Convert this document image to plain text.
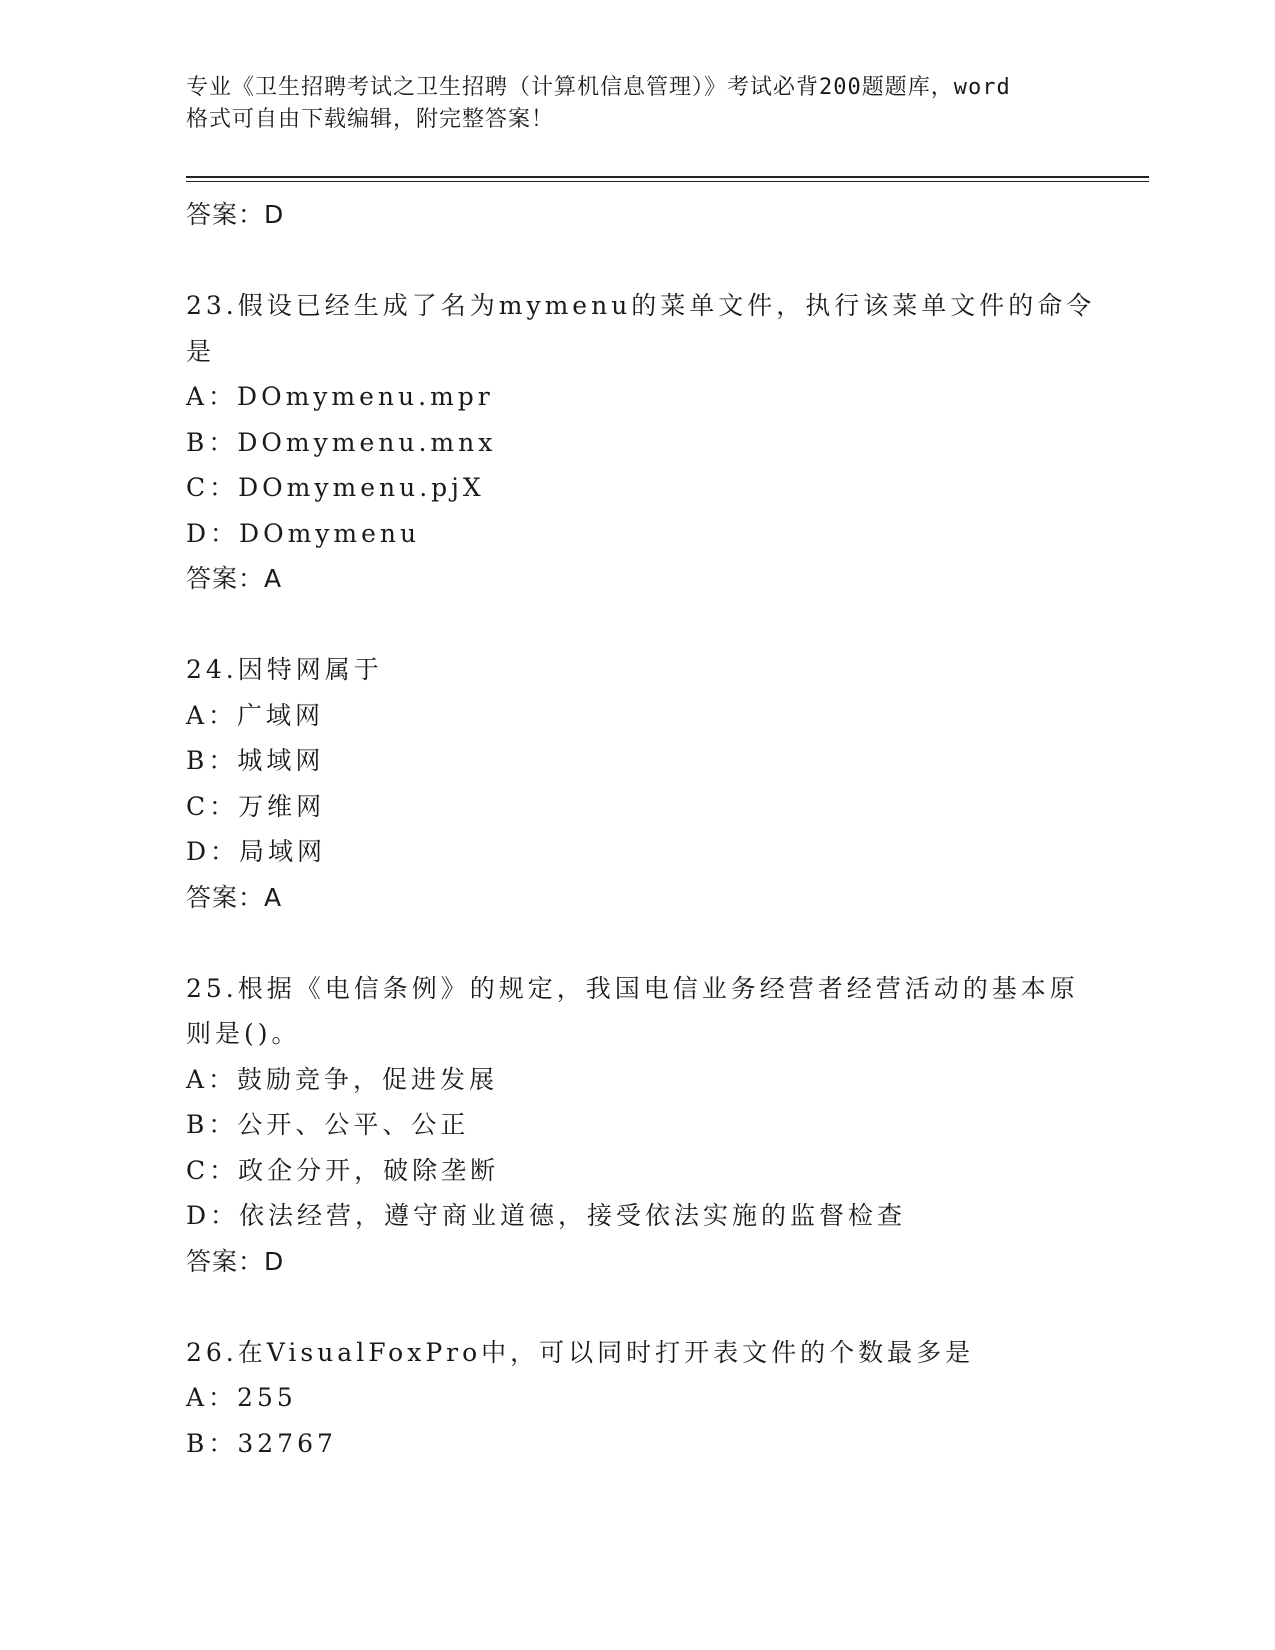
专业《卫生招聘考试之卫生招聘（计算机信息管理）》考试必背200题题库，word
格式可自由下载编辑，附完整答案！
答案：D
23.假设已经生成了名为mymenu的菜单文件，执行该菜单文件的命令
是
A：DOmymenu.mpr
B：DOmymenu.mnx
C：DOmymenu.pjX
D：DOmymenu
答案：A
24.因特网属于
A：广域网
B：城域网
C：万维网
D：局域网
答案：A
25.根据《电信条例》的规定，我国电信业务经营者经营活动的基本原
则是()。
A：鼓励竞争，促进发展
B：公开、公平、公正
C：政企分开，破除垄断
D：依法经营，遵守商业道德，接受依法实施的监督检查
答案：D
26.在VisualFoxPro中，可以同时打开表文件的个数最多是
A：255
B：32767
